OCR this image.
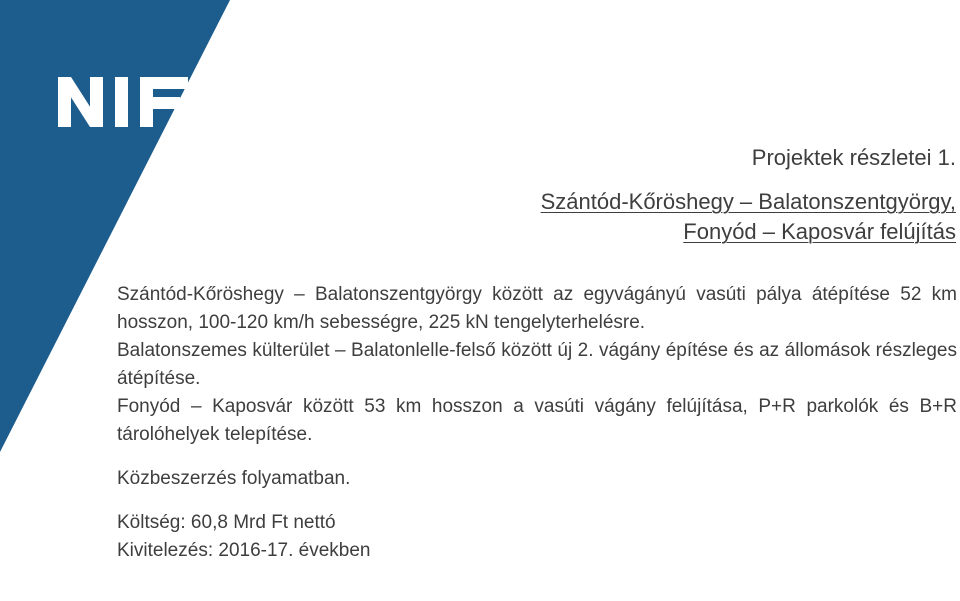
NEMZETI
INFRASTRUKTÚRA
FEJLESZTŐ ZRT.
Projektek részletei 1.
Szántód-Kőröshegy – Balatonszentgyörgy,
Fonyód – Kaposvár felújítás

Szántód-Kőröshegy – Balatonszentgyörgy között az egyvágányú vasúti pálya átépítése 52 km hosszon, 100-120 km/h sebességre, 225 kN tengelyterhelésre.

Balatonszemes külterület – Balatonlelle-felső között új 2. vágány építése és az állomások részleges átépítése.

Fonyód – Kaposvár között 53 km hosszon a vasúti vágány felújítása, P+R parkolók és B+R tárolóhelyek telepítése.

Közbeszerzés folyamatban.

Költség: 60,8 Mrd Ft nettó

Kivitelezés: 2016-17. években
